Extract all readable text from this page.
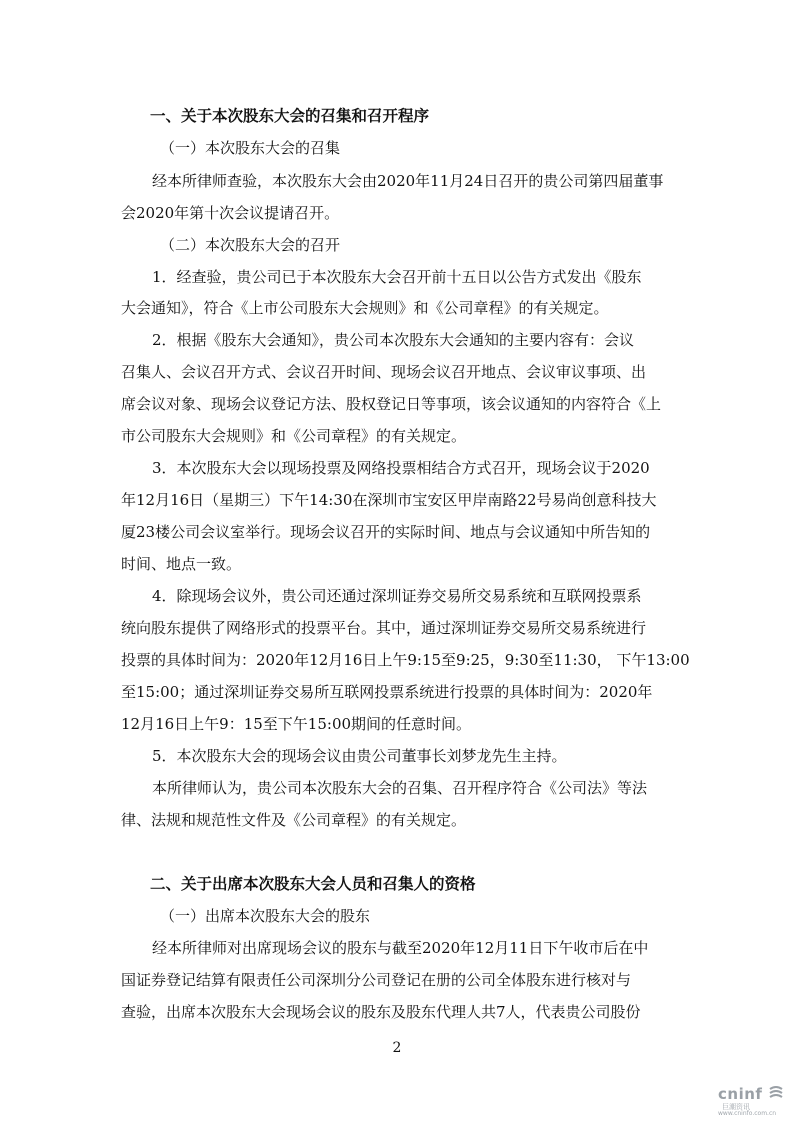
一、关于本次股东大会的召集和召开程序
（一）本次股东大会的召集
经本所律师查验，本次股东大会由2020年11月24日召开的贵公司第四届董事
会2020年第十次会议提请召开。
（二）本次股东大会的召开
1．经查验，贵公司已于本次股东大会召开前十五日以公告方式发出《股东
大会通知》，符合《上市公司股东大会规则》和《公司章程》的有关规定。
2．根据《股东大会通知》，贵公司本次股东大会通知的主要内容有：会议
召集人、会议召开方式、会议召开时间、现场会议召开地点、会议审议事项、出
席会议对象、现场会议登记方法、股权登记日等事项，该会议通知的内容符合《上
市公司股东大会规则》和《公司章程》的有关规定。
3．本次股东大会以现场投票及网络投票相结合方式召开，现场会议于2020
年12月16日（星期三）下午14:30在深圳市宝安区甲岸南路22号易尚创意科技大
厦23楼公司会议室举行。现场会议召开的实际时间、地点与会议通知中所告知的
时间、地点一致。
4．除现场会议外，贵公司还通过深圳证券交易所交易系统和互联网投票系
统向股东提供了网络形式的投票平台。其中，通过深圳证券交易所交易系统进行
投票的具体时间为：2020年12月16日上午9:15至9:25，9:30至11:30， 下午13:00
至15:00；通过深圳证券交易所互联网投票系统进行投票的具体时间为：2020年
12月16日上午9：15至下午15:00期间的任意时间。
5．本次股东大会的现场会议由贵公司董事长刘梦龙先生主持。
本所律师认为，贵公司本次股东大会的召集、召开程序符合《公司法》等法
律、法规和规范性文件及《公司章程》的有关规定。
二、关于出席本次股东大会人员和召集人的资格
（一）出席本次股东大会的股东
经本所律师对出席现场会议的股东与截至2020年12月11日下午收市后在中
国证券登记结算有限责任公司深圳分公司登记在册的公司全体股东进行核对与
查验，出席本次股东大会现场会议的股东及股东代理人共7人，代表贵公司股份
2
cninf
巨潮资讯
www.cninfo.com.cn
